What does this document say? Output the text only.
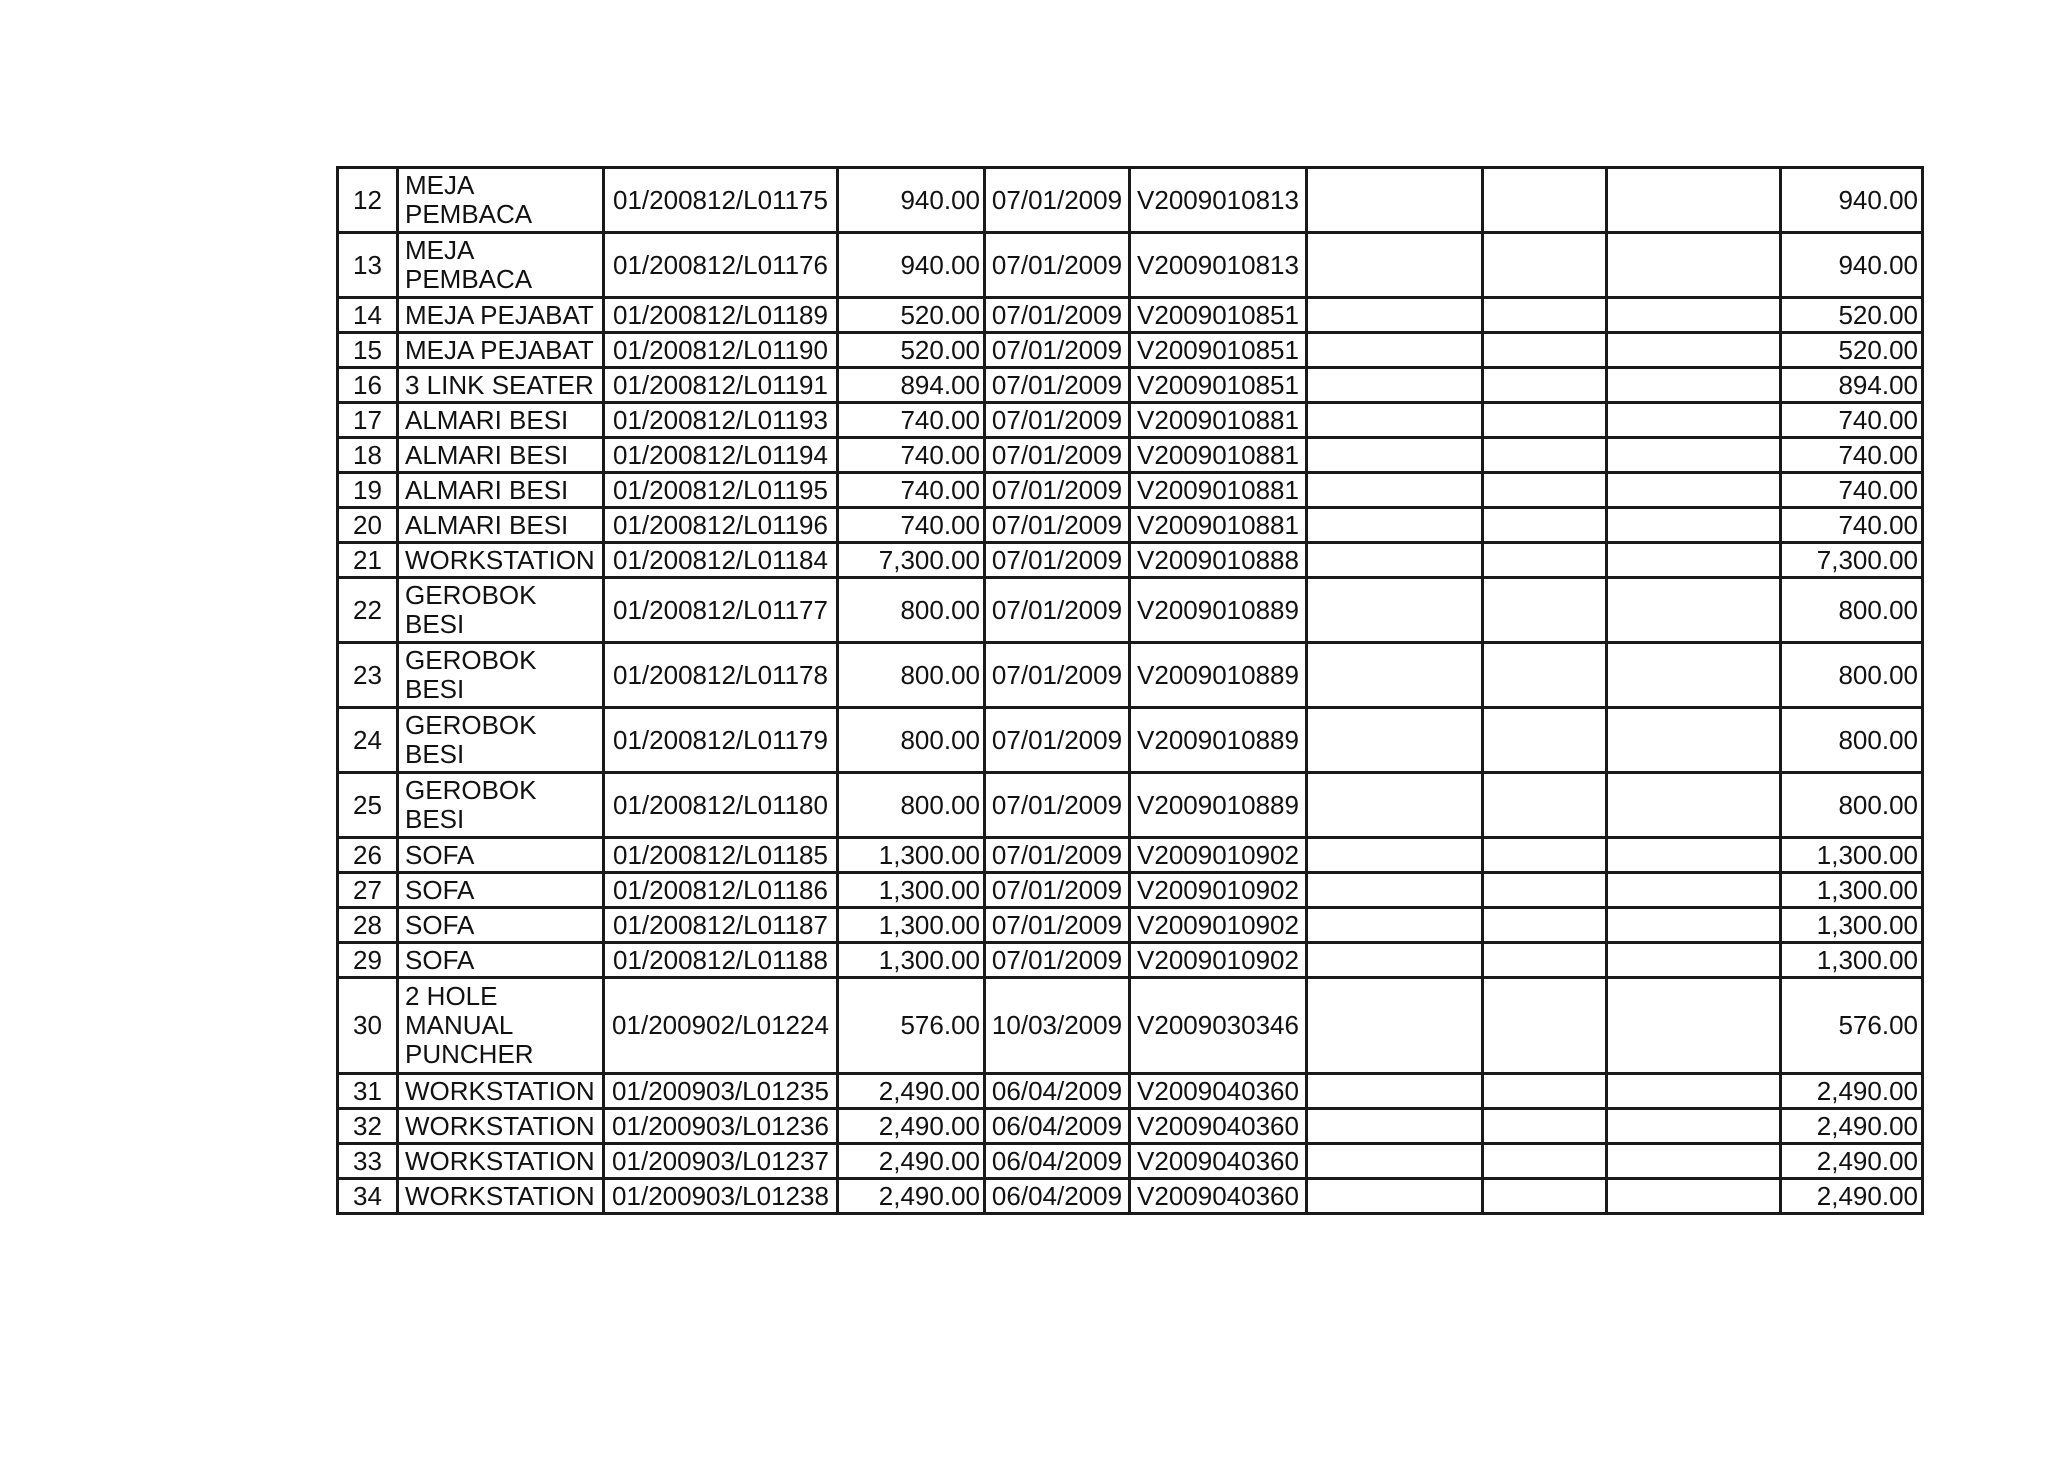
12	MEJA PEMBACA	01/200812/L01175	940.00	07/01/2009	V2009010813				940.00
13	MEJA PEMBACA	01/200812/L01176	940.00	07/01/2009	V2009010813				940.00
14	MEJA PEJABAT	01/200812/L01189	520.00	07/01/2009	V2009010851				520.00
15	MEJA PEJABAT	01/200812/L01190	520.00	07/01/2009	V2009010851				520.00
16	3 LINK SEATER	01/200812/L01191	894.00	07/01/2009	V2009010851				894.00
17	ALMARI BESI	01/200812/L01193	740.00	07/01/2009	V2009010881				740.00
18	ALMARI BESI	01/200812/L01194	740.00	07/01/2009	V2009010881				740.00
19	ALMARI BESI	01/200812/L01195	740.00	07/01/2009	V2009010881				740.00
20	ALMARI BESI	01/200812/L01196	740.00	07/01/2009	V2009010881				740.00
21	WORKSTATION	01/200812/L01184	7,300.00	07/01/2009	V2009010888				7,300.00
22	GEROBOK BESI	01/200812/L01177	800.00	07/01/2009	V2009010889				800.00
23	GEROBOK BESI	01/200812/L01178	800.00	07/01/2009	V2009010889				800.00
24	GEROBOK BESI	01/200812/L01179	800.00	07/01/2009	V2009010889				800.00
25	GEROBOK BESI	01/200812/L01180	800.00	07/01/2009	V2009010889				800.00
26	SOFA	01/200812/L01185	1,300.00	07/01/2009	V2009010902				1,300.00
27	SOFA	01/200812/L01186	1,300.00	07/01/2009	V2009010902				1,300.00
28	SOFA	01/200812/L01187	1,300.00	07/01/2009	V2009010902				1,300.00
29	SOFA	01/200812/L01188	1,300.00	07/01/2009	V2009010902				1,300.00
30	2 HOLE MANUAL PUNCHER	01/200902/L01224	576.00	10/03/2009	V2009030346				576.00
31	WORKSTATION	01/200903/L01235	2,490.00	06/04/2009	V2009040360				2,490.00
32	WORKSTATION	01/200903/L01236	2,490.00	06/04/2009	V2009040360				2,490.00
33	WORKSTATION	01/200903/L01237	2,490.00	06/04/2009	V2009040360				2,490.00
34	WORKSTATION	01/200903/L01238	2,490.00	06/04/2009	V2009040360				2,490.00
